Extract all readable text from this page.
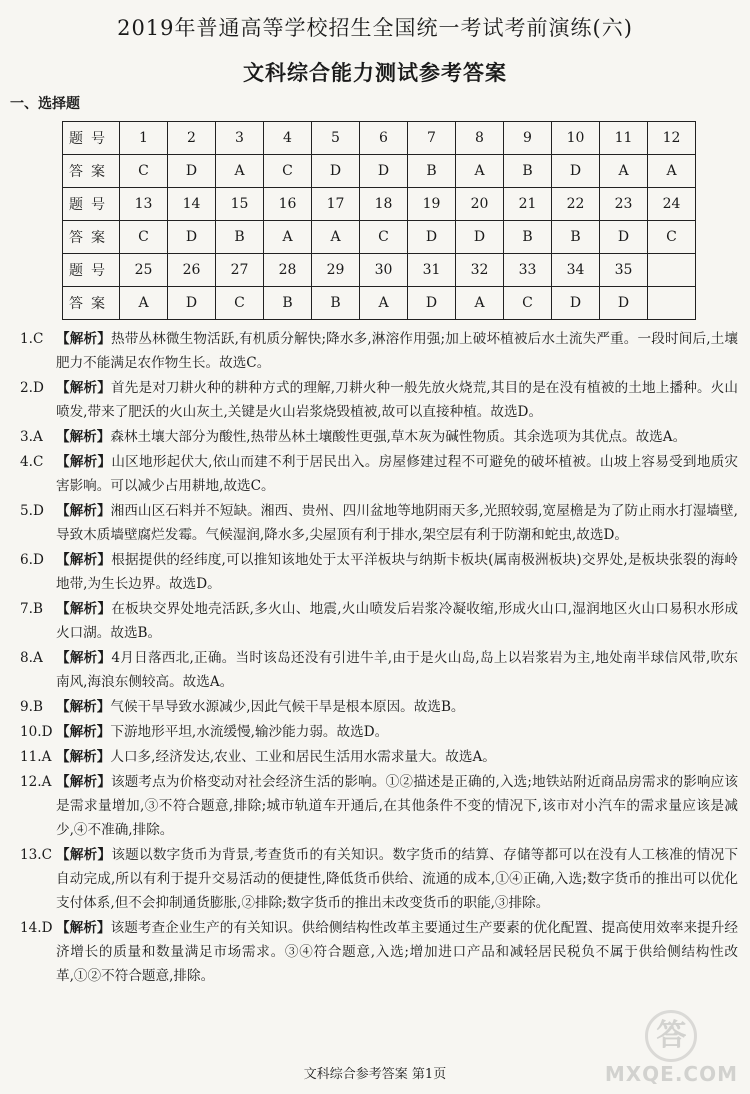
2019年普通高等学校招生全国统一考试考前演练(六)
文科综合能力测试参考答案
一、选择题
题号	1	2	3	4	5	6	7	8	9	10	11	12
答案	C	D	A	C	D	D	B	A	B	D	A	A
题号	13	14	15	16	17	18	19	20	21	22	23	24
答案	C	D	B	A	A	C	D	D	B	B	D	C
题号	25	26	27	28	29	30	31	32	33	34	35	
答案	A	D	C	B	B	A	D	A	C	D	D	
1.C 【解析】热带丛林微生物活跃,有机质分解快;降水多,淋溶作用强;加上破坏植被后水土流失严重。一段时间后,土壤肥力不能满足农作物生长。故选C。
2.D 【解析】首先是对刀耕火种的耕种方式的理解,刀耕火种一般先放火烧荒,其目的是在没有植被的土地上播种。火山喷发,带来了肥沃的火山灰土,关键是火山岩浆烧毁植被,故可以直接种植。故选D。
3.A 【解析】森林土壤大部分为酸性,热带丛林土壤酸性更强,草木灰为碱性物质。其余选项为其优点。故选A。
4.C 【解析】山区地形起伏大,依山而建不利于居民出入。房屋修建过程不可避免的破坏植被。山坡上容易受到地质灾害影响。可以减少占用耕地,故选C。
5.D 【解析】湘西山区石料并不短缺。湘西、贵州、四川盆地等地阴雨天多,光照较弱,宽屋檐是为了防止雨水打湿墙壁,导致木质墙壁腐烂发霉。气候湿润,降水多,尖屋顶有利于排水,架空层有利于防潮和蛇虫,故选D。
6.D 【解析】根据提供的经纬度,可以推知该地处于太平洋板块与纳斯卡板块(属南极洲板块)交界处,是板块张裂的海岭地带,为生长边界。故选D。
7.B 【解析】在板块交界处地壳活跃,多火山、地震,火山喷发后岩浆冷凝收缩,形成火山口,湿润地区火山口易积水形成火口湖。故选B。
8.A 【解析】4月日落西北,正确。当时该岛还没有引进牛羊,由于是火山岛,岛上以岩浆岩为主,地处南半球信风带,吹东南风,海浪东侧较高。故选A。
9.B 【解析】气候干旱导致水源减少,因此气候干旱是根本原因。故选B。
10.D 【解析】下游地形平坦,水流缓慢,输沙能力弱。故选D。
11.A 【解析】人口多,经济发达,农业、工业和居民生活用水需求量大。故选A。
12.A 【解析】该题考点为价格变动对社会经济生活的影响。①②描述是正确的,入选;地铁站附近商品房需求的影响应该是需求量增加,③不符合题意,排除;城市轨道车开通后,在其他条件不变的情况下,该市对小汽车的需求量应该是减少,④不准确,排除。
13.C 【解析】该题以数字货币为背景,考查货币的有关知识。数字货币的结算、存储等都可以在没有人工核准的情况下自动完成,所以有利于提升交易活动的便捷性,降低货币供给、流通的成本,①④正确,入选;数字货币的推出可以优化支付体系,但不会抑制通货膨胀,②排除;数字货币的推出未改变货币的职能,③排除。
14.D 【解析】该题考查企业生产的有关知识。供给侧结构性改革主要通过生产要素的优化配置、提高使用效率来提升经济增长的质量和数量满足市场需求。③④符合题意,入选;增加进口产品和减轻居民税负不属于供给侧结构性改革,①②不符合题意,排除。
文科综合参考答案 第1页
答
MXQE.COM
